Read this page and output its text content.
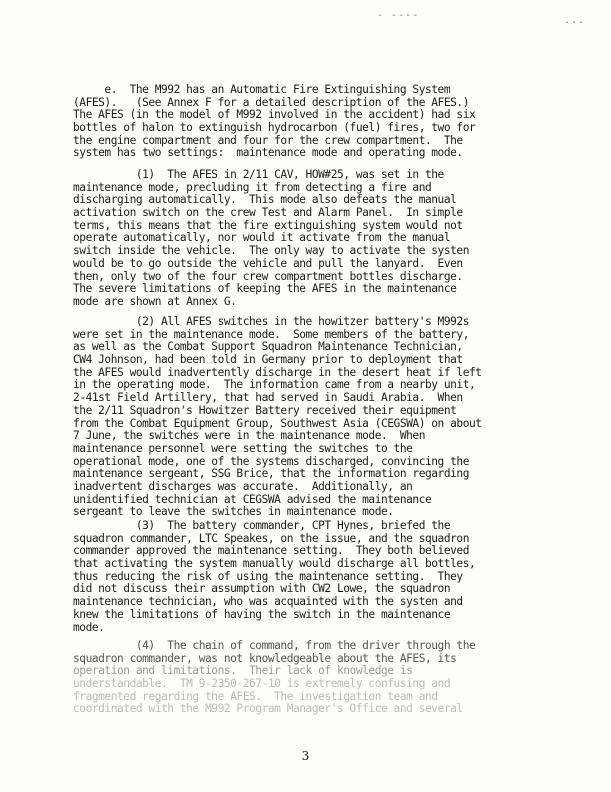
- ----	...
e.  The M992 has an Automatic Fire Extinguishing System
(AFES).   (See Annex F for a detailed description of the AFES.)
The AFES (in the model of M992 involved in the accident) had six
bottles of halon to extinguish hydrocarbon (fuel) fires, two for
the engine compartment and four for the crew compartment.  The
system has two settings:  maintenance mode and operating mode.
(1)  The AFES in 2/11 CAV, HOW#25, was set in the
maintenance mode, precluding it from detecting a fire and
discharging automatically.  This mode also defeats the manual
activation switch on the crew Test and Alarm Panel.  In simple
terms, this means that the fire extinguishing system would not
operate automatically, nor would it activate from the manual
switch inside the vehicle.  The only way to activate the systen
would be to go outside the vehicle and pull the lanyard.  Even
then, only two of the four crew compartment bottles discharge.
The severe limitations of keeping the AFES in the maintenance
mode are shown at Annex G.
(2) All AFES switches in the howitzer battery's M992s
were set in the maintenance mode.  Some members of the battery,
as well as the Combat Support Squadron Maintenance Technician,
CW4 Johnson, had been told in Germany prior to deployment that
the AFES would inadvertently discharge in the desert heat if left
in the operating mode.  The information came from a nearby unit,
2-41st Field Artillery, that had served in Saudi Arabia.  When
the 2/11 Squadron's Howitzer Battery received their equipment
from the Combat Equipment Group, Southwest Asia (CEGSWA) on about
7 June, the switches were in the maintenance mode.  When
maintenance personnel were setting the switches to the
operational mode, one of the systems discharged, convincing the
maintenance sergeant, SSG Brice, that the information regarding
inadvertent discharges was accurate.  Additionally, an
unidentified technician at CEGSWA advised the maintenance
sergeant to leave the switches in maintenance mode.
(3)  The battery commander, CPT Hynes, briefed the
squadron commander, LTC Speakes, on the issue, and the squadron
commander approved the maintenance setting.  They both believed
that activating the system manually would discharge all bottles,
thus reducing the risk of using the maintenance setting.  They
did not discuss their assumption with CW2 Lowe, the squadron
maintenance technician, who was acquainted with the systen and
knew the limitations of having the switch in the maintenance
mode.
(4)  The chain of command, from the driver through the
squadron commander, was not knowledgeable about the AFES, its
operation and limitations.  Their lack of knowledge is
understandable.  TM 9-2350-267-10 is extremely confusing and
fragmented regarding the AFES.  The investigation team and
coordinated with the M992 Program Manager's Office and several
3
